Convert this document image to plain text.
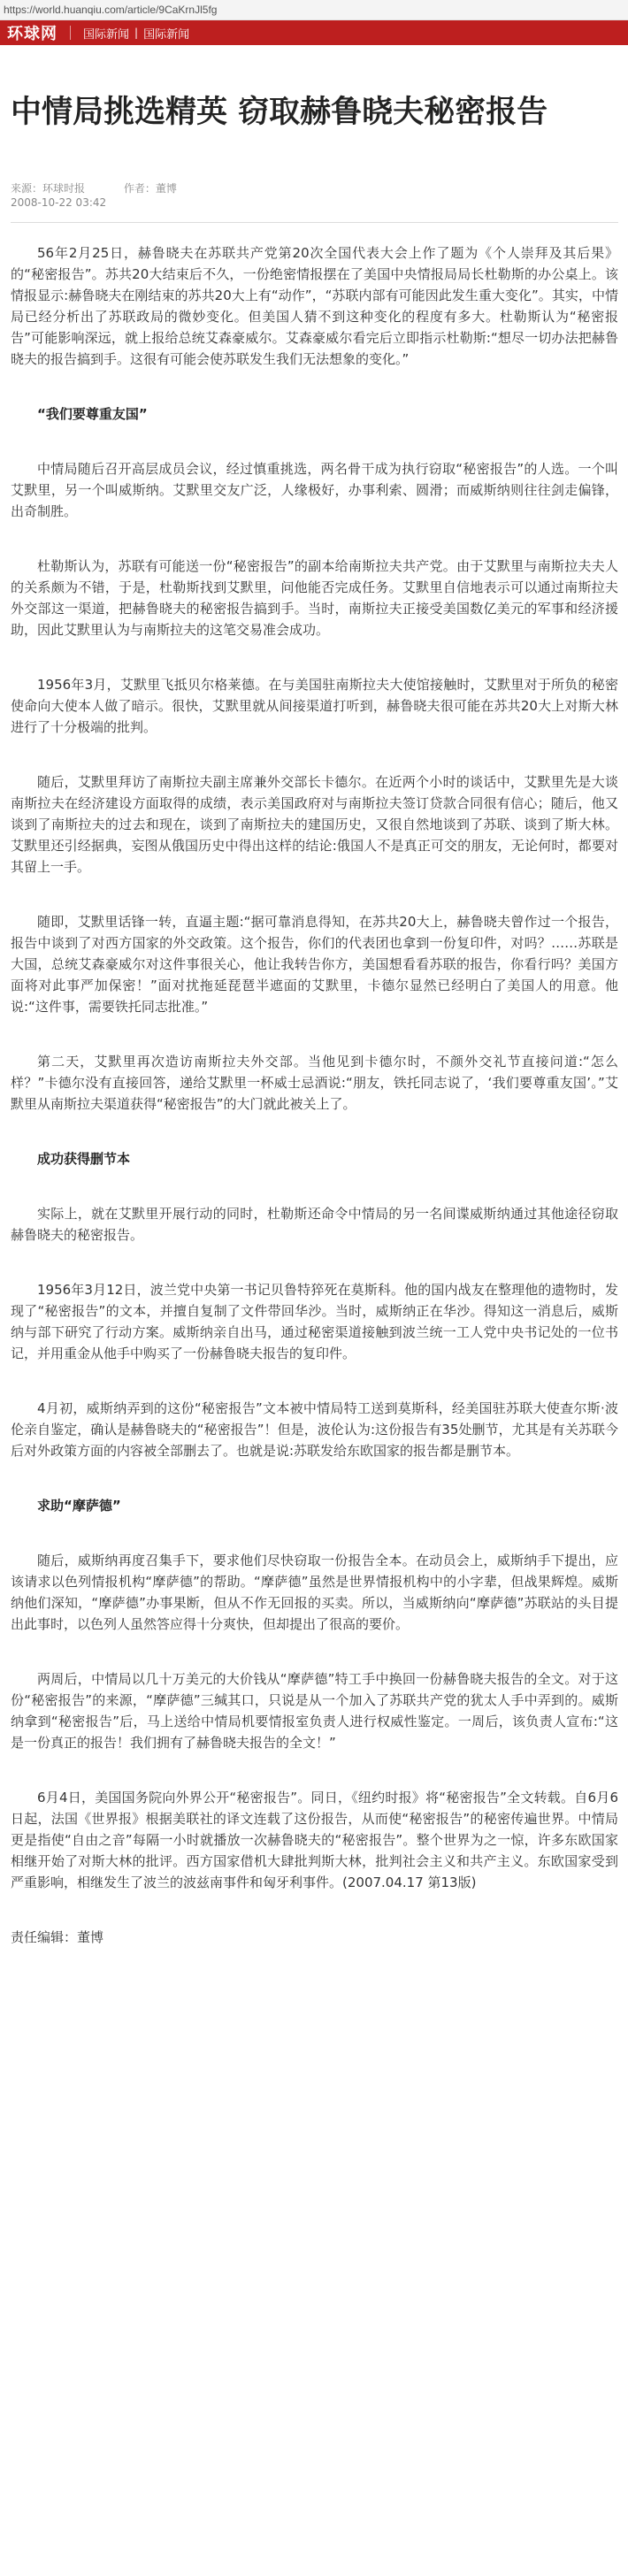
https://world.huanqiu.com/article/9CaKrnJl5fg
环球网 国际新闻 | 国际新闻
中情局挑选精英 窃取赫鲁晓夫秘密报告
来源：环球时报	作者：董博
2008-10-22 03:42

56年2月25日，赫鲁晓夫在苏联共产党第20次全国代表大会上作了题为《个人崇拜及其后果》的“秘密报告”。苏共20大结束后不久，一份绝密情报摆在了美国中央情报局局长杜勒斯的办公桌上。该情报显示:赫鲁晓夫在刚结束的苏共20大上有“动作”，“苏联内部有可能因此发生重大变化”。其实，中情局已经分析出了苏联政局的微妙变化。但美国人猜不到这种变化的程度有多大。杜勒斯认为“秘密报告”可能影响深远，就上报给总统艾森豪威尔。艾森豪威尔看完后立即指示杜勒斯:“想尽一切办法把赫鲁晓夫的报告搞到手。这很有可能会使苏联发生我们无法想象的变化。”

“我们要尊重友国”

中情局随后召开高层成员会议，经过慎重挑选，两名骨干成为执行窃取“秘密报告”的人选。一个叫艾默里，另一个叫威斯纳。艾默里交友广泛，人缘极好，办事利索、圆滑；而威斯纳则往往剑走偏锋，出奇制胜。

杜勒斯认为，苏联有可能送一份“秘密报告”的副本给南斯拉夫共产党。由于艾默里与南斯拉夫夫人的关系颇为不错，于是，杜勒斯找到艾默里，问他能否完成任务。艾默里自信地表示可以通过南斯拉夫外交部这一渠道，把赫鲁晓夫的秘密报告搞到手。当时，南斯拉夫正接受美国数亿美元的军事和经济援助，因此艾默里认为与南斯拉夫的这笔交易准会成功。

1956年3月，艾默里飞抵贝尔格莱德。在与美国驻南斯拉夫大使馆接触时，艾默里对于所负的秘密使命向大使本人做了暗示。很快，艾默里就从间接渠道打听到，赫鲁晓夫很可能在苏共20大上对斯大林进行了十分极端的批判。

随后，艾默里拜访了南斯拉夫副主席兼外交部长卡德尔。在近两个小时的谈话中，艾默里先是大谈南斯拉夫在经济建设方面取得的成绩，表示美国政府对与南斯拉夫签订贷款合同很有信心；随后，他又谈到了南斯拉夫的过去和现在，谈到了南斯拉夫的建国历史，又很自然地谈到了苏联、谈到了斯大林。艾默里还引经据典，妄图从俄国历史中得出这样的结论:俄国人不是真正可交的朋友，无论何时，都要对其留上一手。

随即，艾默里话锋一转，直逼主题:“据可靠消息得知，在苏共20大上，赫鲁晓夫曾作过一个报告，报告中谈到了对西方国家的外交政策。这个报告，你们的代表团也拿到一份复印件，对吗？……苏联是大国，总统艾森豪威尔对这件事很关心，他让我转告你方，美国想看看苏联的报告，你看行吗？美国方面将对此事严加保密！”面对扰拖延琵琶半遮面的艾默里，卡德尔显然已经明白了美国人的用意。他说:“这件事，需要铁托同志批准。”

第二天，艾默里再次造访南斯拉夫外交部。当他见到卡德尔时，不颜外交礼节直接问道:“怎么样？”卡德尔没有直接回答，递给艾默里一杯威士忌酒说:“朋友，铁托同志说了，‘我们要尊重友国’。”艾默里从南斯拉夫渠道获得“秘密报告”的大门就此被关上了。

成功获得删节本

实际上，就在艾默里开展行动的同时，杜勒斯还命令中情局的另一名间谍威斯纳通过其他途径窃取赫鲁晓夫的秘密报告。

1956年3月12日，波兰党中央第一书记贝鲁特猝死在莫斯科。他的国内战友在整理他的遗物时，发现了“秘密报告”的文本，并擅自复制了文件带回华沙。当时，威斯纳正在华沙。得知这一消息后，威斯纳与部下研究了行动方案。威斯纳亲自出马，通过秘密渠道接触到波兰统一工人党中央书记处的一位书记，并用重金从他手中购买了一份赫鲁晓夫报告的复印件。

4月初，威斯纳弄到的这份“秘密报告”文本被中情局特工送到莫斯科，经美国驻苏联大使查尔斯·波伦亲自鉴定，确认是赫鲁晓夫的“秘密报告”！但是，波伦认为:这份报告有35处删节，尤其是有关苏联今后对外政策方面的内容被全部删去了。也就是说:苏联发给东欧国家的报告都是删节本。

求助“摩萨德”

随后，威斯纳再度召集手下，要求他们尽快窃取一份报告全本。在动员会上，威斯纳手下提出，应该请求以色列情报机构“摩萨德”的帮助。“摩萨德”虽然是世界情报机构中的小字辈，但战果辉煌。威斯纳他们深知，“摩萨德”办事果断，但从不作无回报的买卖。所以，当威斯纳向“摩萨德”苏联站的头目提出此事时，以色列人虽然答应得十分爽快，但却提出了很高的要价。

两周后，中情局以几十万美元的大价钱从“摩萨德”特工手中换回一份赫鲁晓夫报告的全文。对于这份“秘密报告”的来源，“摩萨德”三缄其口，只说是从一个加入了苏联共产党的犹太人手中弄到的。威斯纳拿到“秘密报告”后，马上送给中情局机要情报室负责人进行权威性鉴定。一周后，该负责人宣布:“这是一份真正的报告！我们拥有了赫鲁晓夫报告的全文！”

6月4日，美国国务院向外界公开“秘密报告”。同日，《纽约时报》将“秘密报告”全文转载。自6月6日起，法国《世界报》根据美联社的译文连载了这份报告，从而使“秘密报告”的秘密传遍世界。中情局更是指使“自由之音”每隔一小时就播放一次赫鲁晓夫的“秘密报告”。整个世界为之一惊，许多东欧国家相继开始了对斯大林的批评。西方国家借机大肆批判斯大林，批判社会主义和共产主义。东欧国家受到严重影响，相继发生了波兰的波兹南事件和匈牙利事件。(2007.04.17 第13版)

责任编辑：董博
